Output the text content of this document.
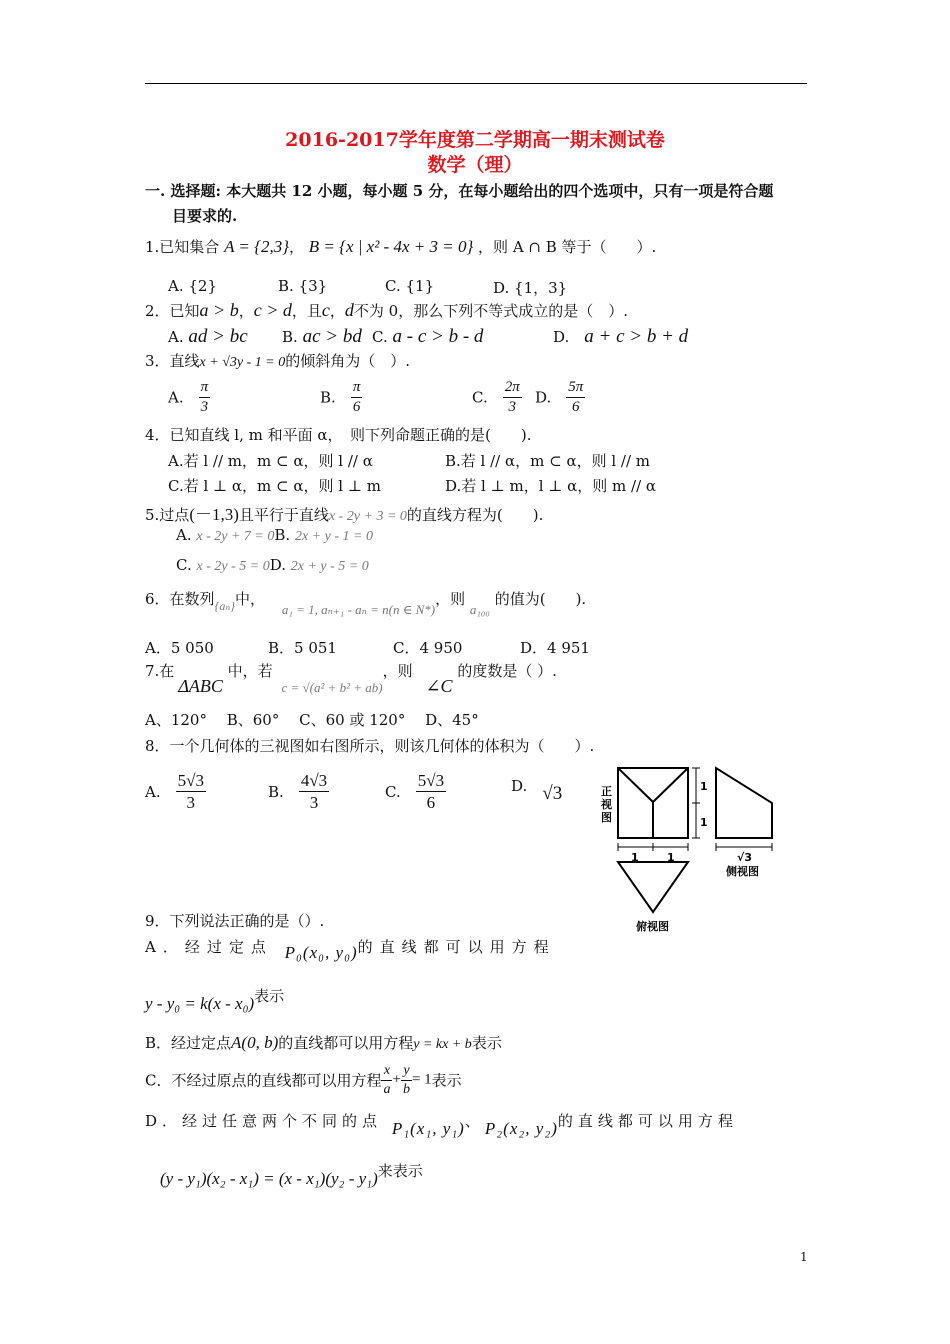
2016-2017学年度第二学期高一期末测试卷
数学（理）
一. 选择题: 本大题共 12 小题，每小题 5 分，在每小题给出的四个选项中，只有一项是符合题
目要求的.
1.已知集合 A = {2,3}， B = {x | x² - 4x + 3 = 0} ，则 A ∩ B 等于（　　）.
A. {2}	B. {3}	C. {1}	D. {1，3}
2．已知a > b，c > d，且c，d不为 0，那么下列不等式成立的是（　）.
A. ad > bc B. ac > bd C. a - c > b - d	D.　 a + c > b + d
3．直线x + √3y - 1 = 0的倾斜角为（　）.
A.　 $\frac{\pi}{3}$	B.　 $\frac{\pi}{6}$	C.　 $\frac{2\pi}{3} D$.　 $\frac{5\pi}{6}$
4．已知直线 l, m 和平面 α，　则下列命题正确的是(　　).
A.若 l // m，m ⊂ α，则 l // α	B.若 l // α，m ⊂ α，则 l // m
C.若 l ⊥ α，m ⊂ α，则 l ⊥ m	D.若 l ⊥ m，l ⊥ α，则 m // α
5.过点(－1,3)且平行于直线x - 2y + 3 = 0的直线方程为(　　).
A. x - 2y + 7 = 0B. 2x + y - 1 = 0
C. x - 2y - 5 = 0D. 2x + y - 5 = 0
6．在数列$_{\{a_n\}}$中， a₁ = 1, aₙ₊₁ - aₙ = n(n ∈ N*)，则 a₁₀₀ 的值为(　　).
A．5 050	B．5 051	C．4 950	D．4 951
7.在ΔABC 中，若 c = √(a² + b² + ab)，则 ∠C 的度数是（ ）.
A、120°　 B、60°　 C、60 或 120°　 D、45°
8．一个几何体的三视图如右图所示，则该几何体的体积为（　　）.
A.　 $\frac{5√3}{3}$	B.　 $\frac{4√3}{3}$	C.　 $\frac{5√3}{6}$	D.　 √3	正
视
图
1
1
1	1	√3
侧视图
俯视图
9．下列说法正确的是（）.
A．经过定点 P₀(x₀, y₀)的直线都可以用方程
y - y₀ = k(x - x₀)表示
B．经过定点A(0, b)的直线都可以用方程y = kx + b表示
C．不经过原点的直线都可以用方程 $\frac{x}{a} + \frac{y}{b} = 1$表示
D．经过任意两个不同的点 P₁(x₁, y₁)、P₂(x₂, y₂)的直线都可以用方程
(y - y₁)(x₂ - x₁) = (x - x₁)(y₂ - y₁)来表示
1
